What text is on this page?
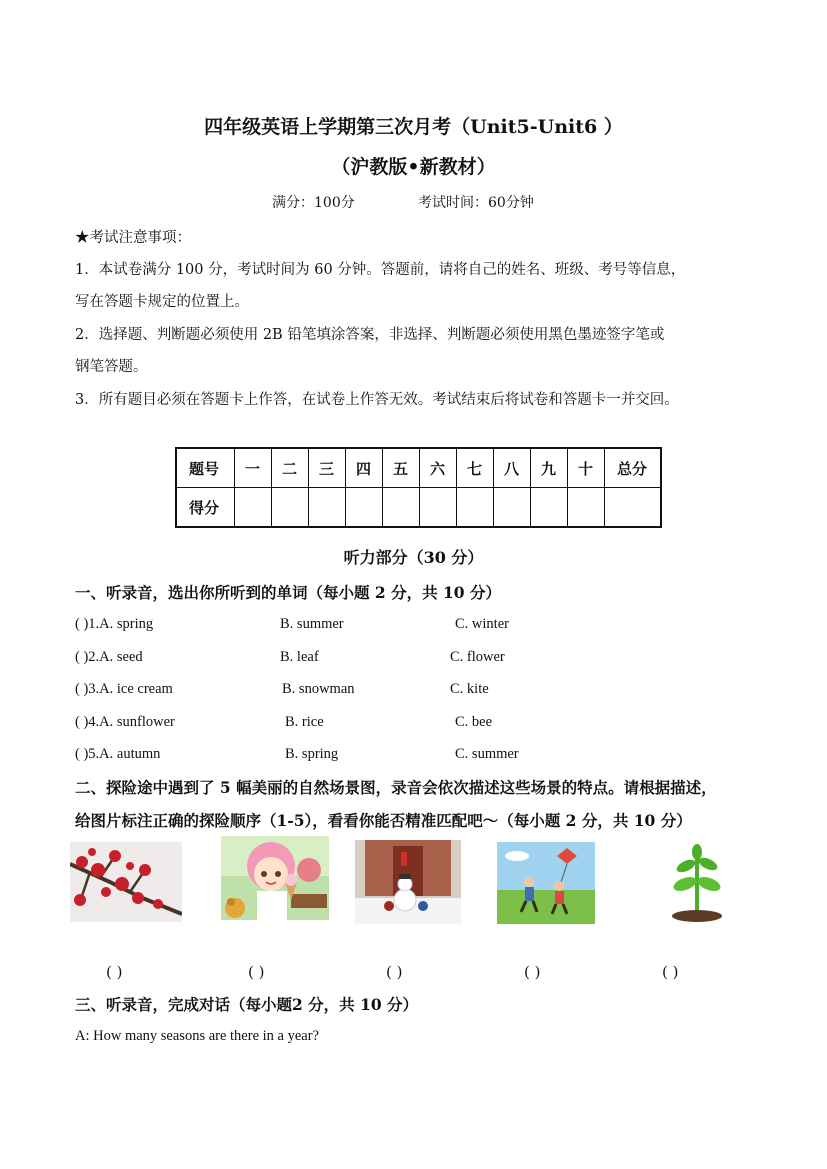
四年级英语上学期第三次月考（Unit5-Unit6 ）
（沪教版•新教材）
满分：100分	考试时间：60分钟
★考试注意事项：
1．本试卷满分 100 分，考试时间为 60 分钟。答题前，请将自己的姓名、班级、考号等信息，
写在答题卡规定的位置上。
2．选择题、判断题必须使用 2B 铅笔填涂答案，非选择、判断题必须使用黑色墨迹签字笔或
钢笔答题。
3．所有题目必须在答题卡上作答，在试卷上作答无效。考试结束后将试卷和答题卡一并交回。
题号	一	二	三	四	五	六	七	八	九	十	总分
得分											
听力部分（30 分）
一、听录音，选出你所听到的单词（每小题 2 分，共 10 分）
( )1.A. spring	B. summer	C. winter
( )2.A. seed	B. leaf	C. flower
( )3.A. ice cream	B. snowman	C. kite
( )4.A. sunflower	B. rice	C. bee
( )5.A. autumn	B. spring	C. summer
二、探险途中遇到了 5 幅美丽的自然场景图，录音会依次描述这些场景的特点。请根据描述，
给图片标注正确的探险顺序（1-5），看看你能否精准匹配吧～（每小题 2 分，共 10 分）
( )	( )	( )	( )	( )
三、听录音，完成对话（每小题2 分，共 10 分）
A: How many seasons are there in a year?
